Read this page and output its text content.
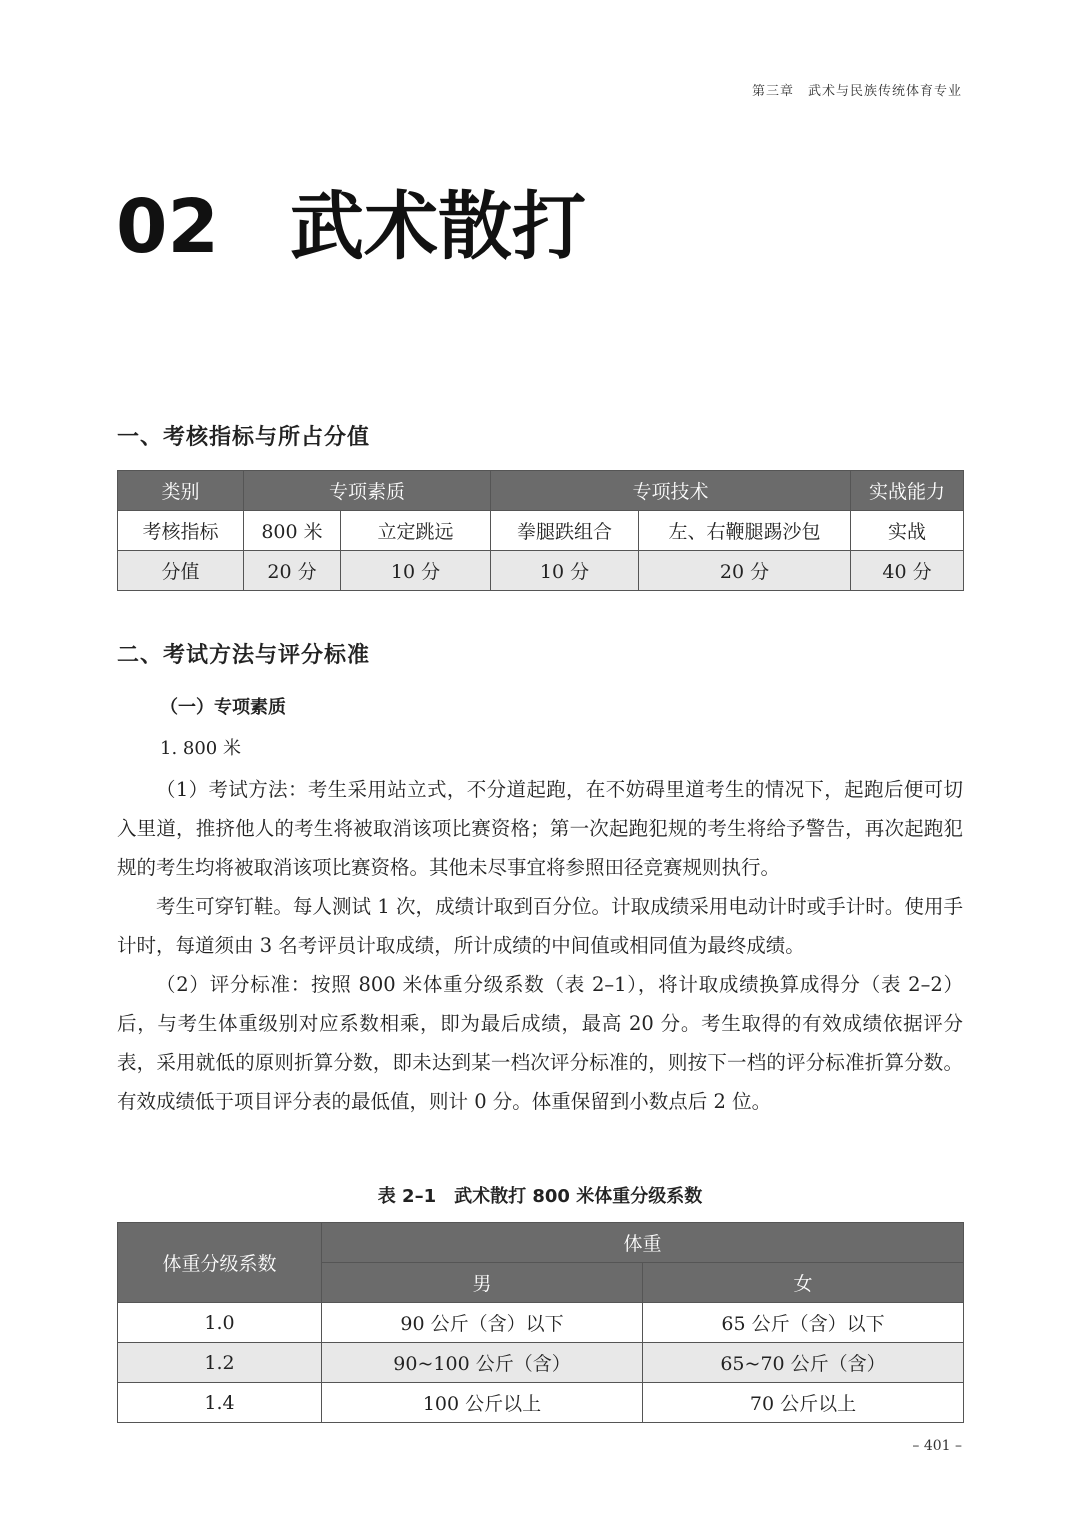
第三章　武术与民族传统体育专业
02 武术散打
一、考核指标与所占分值
类别	专项素质		专项技术		实战能力
考核指标	800 米	立定跳远	拳腿跌组合	左、右鞭腿踢沙包	实战
分值	20 分	10 分	10 分	20 分	40 分
二、考试方法与评分标准
（一）专项素质
1. 800 米

（1）考试方法：考生采用站立式，不分道起跑，在不妨碍里道考生的情况下，起跑后便可切入里道，推挤他人的考生将被取消该项比赛资格；第一次起跑犯规的考生将给予警告，再次起跑犯规的考生均将被取消该项比赛资格。其他未尽事宜将参照田径竞赛规则执行。

考生可穿钉鞋。每人测试 1 次，成绩计取到百分位。计取成绩采用电动计时或手计时。使用手计时，每道须由 3 名考评员计取成绩，所计成绩的中间值或相同值为最终成绩。

（2）评分标准：按照 800 米体重分级系数（表 2–1），将计取成绩换算成得分（表 2–2）后，与考生体重级别对应系数相乘，即为最后成绩，最高 20 分。考生取得的有效成绩依据评分表，采用就低的原则折算分数，即未达到某一档次评分标准的，则按下一档的评分标准折算分数。有效成绩低于项目评分表的最低值，则计 0 分。体重保留到小数点后 2 位。

表 2–1　武术散打 800 米体重分级系数
体重分级系数	体重	
	男	女
1.0	90 公斤（含）以下	65 公斤（含）以下
1.2	90~100 公斤（含）	65~70 公斤（含）
1.4	100 公斤以上	70 公斤以上
– 401 –
